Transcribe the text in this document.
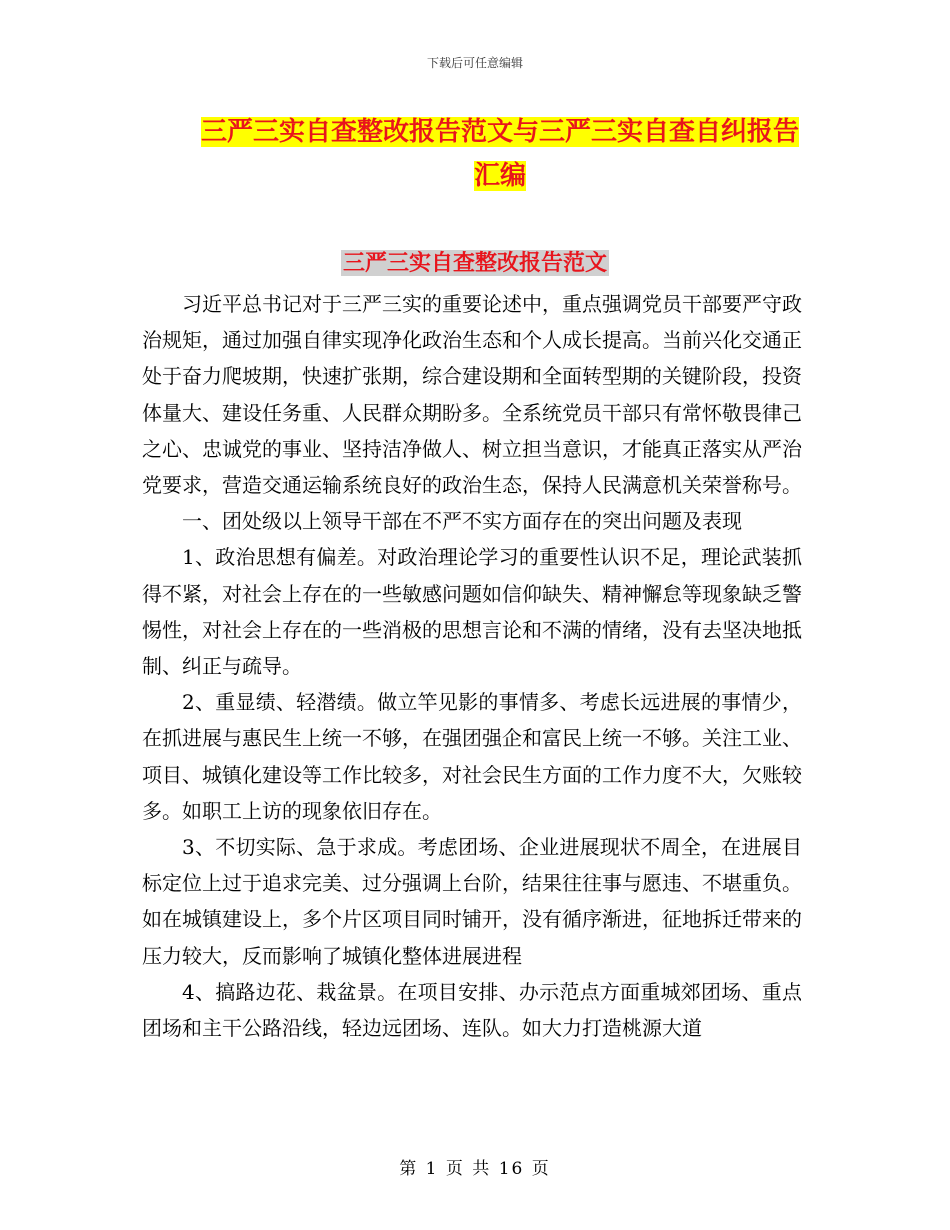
下载后可任意编辑
三严三实自查整改报告范文与三严三实自查自纠报告
汇编
三严三实自查整改报告范文

习近平总书记对于三严三实的重要论述中，重点强调党员干部要严守政治规矩，通过加强自律实现净化政治生态和个人成长提高。当前兴化交通正处于奋力爬坡期，快速扩张期，综合建设期和全面转型期的关键阶段，投资体量大、建设任务重、人民群众期盼多。全系统党员干部只有常怀敬畏律己之心、忠诚党的事业、坚持洁净做人、树立担当意识，才能真正落实从严治党要求，营造交通运输系统良好的政治生态，保持人民满意机关荣誉称号。

一、团处级以上领导干部在不严不实方面存在的突出问题及表现

1、政治思想有偏差。对政治理论学习的重要性认识不足，理论武装抓得不紧，对社会上存在的一些敏感问题如信仰缺失、精神懈怠等现象缺乏警惕性，对社会上存在的一些消极的思想言论和不满的情绪，没有去坚决地抵制、纠正与疏导。

2、重显绩、轻潜绩。做立竿见影的事情多、考虑长远进展的事情少，在抓进展与惠民生上统一不够，在强团强企和富民上统一不够。关注工业、项目、城镇化建设等工作比较多，对社会民生方面的工作力度不大，欠账较多。如职工上访的现象依旧存在。

3、不切实际、急于求成。考虑团场、企业进展现状不周全，在进展目标定位上过于追求完美、过分强调上台阶，结果往往事与愿违、不堪重负。如在城镇建设上，多个片区项目同时铺开，没有循序渐进，征地拆迁带来的压力较大，反而影响了城镇化整体进展进程

4、搞路边花、栽盆景。在项目安排、办示范点方面重城郊团场、重点团场和主干公路沿线，轻边远团场、连队。如大力打造桃源大道

第 1 页 共 16 页
